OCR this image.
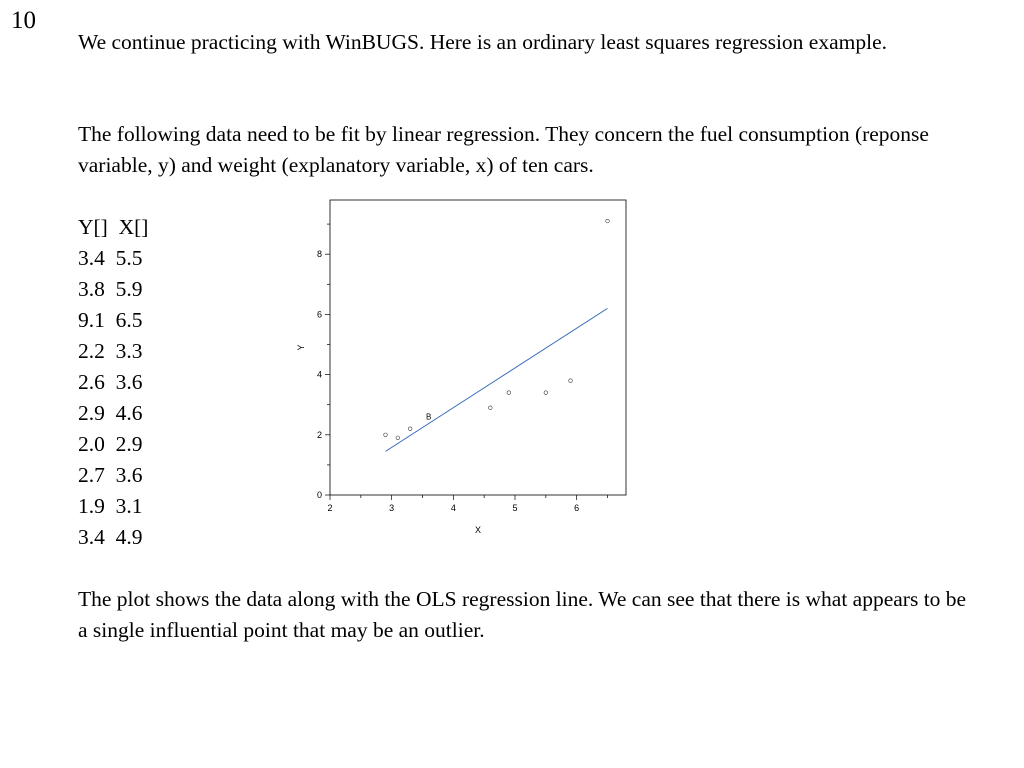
10

We continue practicing with WinBUGS. Here is an ordinary least squares regression example.

The following data need to be fit by linear regression. They concern the fuel consumption (reponse variable, y) and weight (explanatory variable, x) of ten cars.

Y[]  X[]
3.4  5.5
3.8  5.9
9.1  6.5
2.2  3.3
2.6  3.6
2.9  4.6
2.0  2.9
2.7  3.6
1.9  3.1
3.4  4.9
2	3	4	5	6
0
2
4
6
8
X
Y
B

The plot shows the data along with the OLS regression line. We can see that there is what appears to be a single influential point that may be an outlier.
